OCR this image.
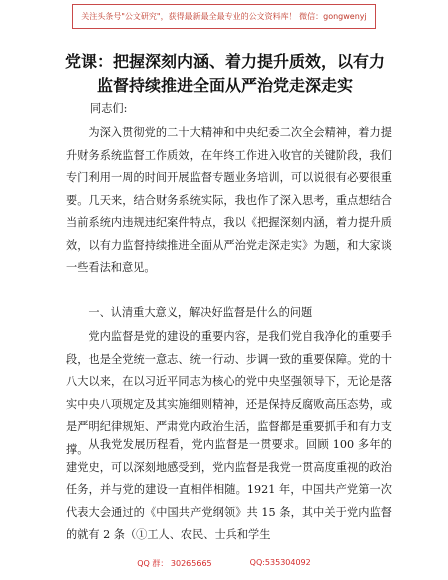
关注头条号"公文研究"，获得最新最全最专业的公文资料库！ 微信：gongwenyj
党课：把握深刻内涵、着力提升质效，以有力
监督持续推进全面从严治党走深走实
同志们:
为深入贯彻党的二十大精神和中央纪委二次全会精神，着力提升财务系统监督工作质效，在年终工作进入收官的关键阶段，我们专门利用一周的时间开展监督专题业务培训，可以说很有必要很重要。几天来，结合财务系统实际，我也作了深入思考，重点想结合当前系统内违规违纪案件特点，我以《把握深刻内涵，着力提升质效，以有力监督持续推进全面从严治党走深走实》为题，和大家谈一些看法和意见。
一、认清重大意义，解决好监督是什么的问题
党内监督是党的建设的重要内容，是我们党自我净化的重要手段，也是全党统一意志、统一行动、步调一致的重要保障。党的十八大以来，在以习近平同志为核心的党中央坚强领导下，无论是落实中央八项规定及其实施细则精神，还是保持反腐败高压态势，或是严明纪律规矩、严肃党内政治生活，监督都是重要抓手和有力支撑。 从我党发展历程看，党内监督是一贯要求。回顾 100 多年的建党史，可以深刻地感受到，党内监督是我党一贯高度重视的政治任务，并与党的建设一直相伴相随。1921 年，中国共产党第一次代表大会通过的《中国共产党纲领》共 15 条，其中关于党内监督的就有 2 条（①工人、农民、士兵和学生
QQ 群： 30265665	QQ:535304092
